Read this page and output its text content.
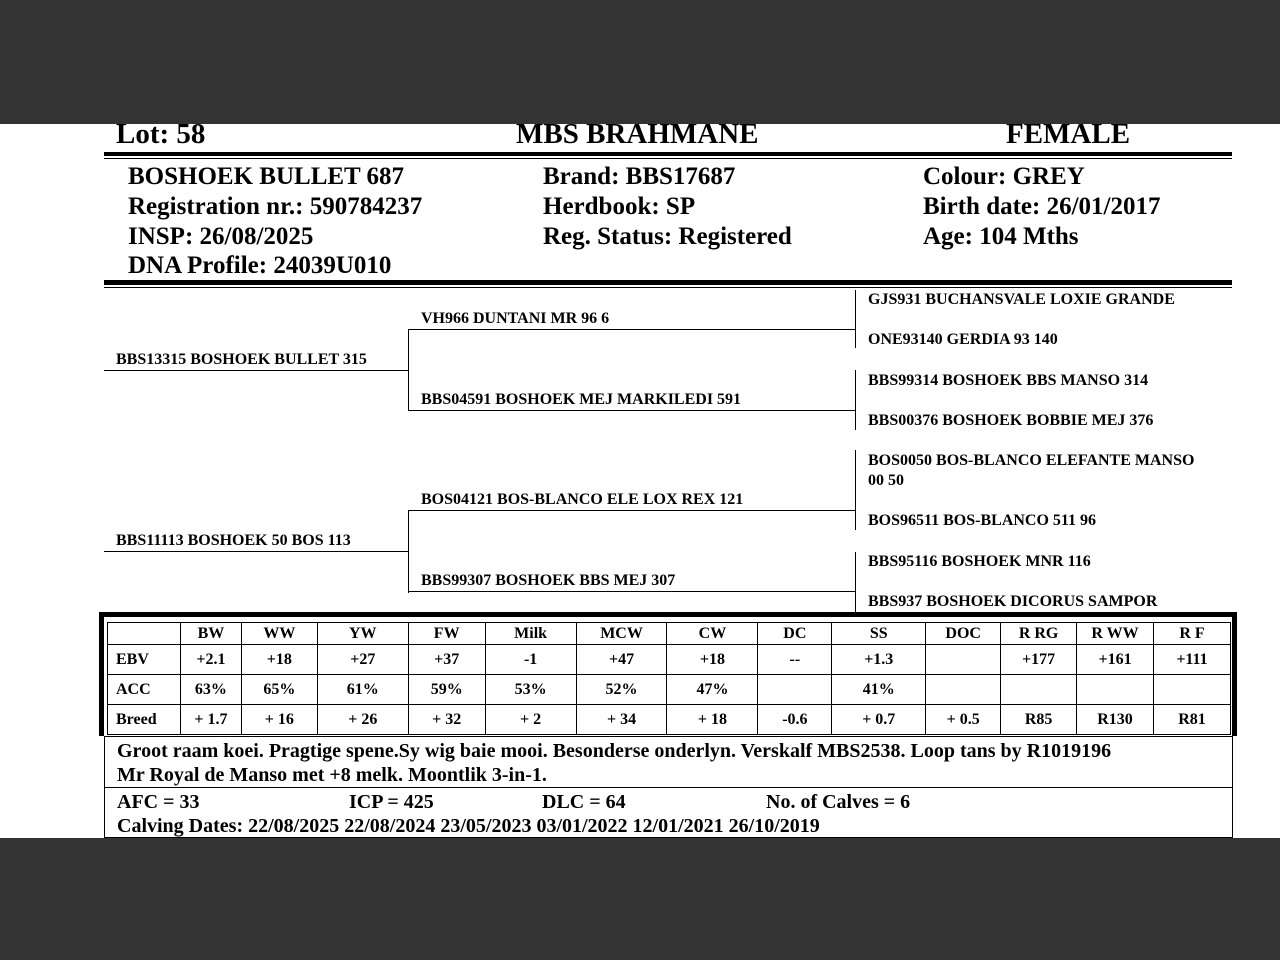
Lot: 58	MBS BRAHMANE	FEMALE
BOSHOEK BULLET 687
Registration nr.: 590784237
INSP: 26/08/2025
DNA Profile: 24039U010
Brand: BBS17687
Herdbook: SP
Reg. Status: Registered
Colour: GREY
Birth date: 26/01/2017
Age: 104 Mths
BBS13315 BOSHOEK BULLET 315
BBS11113 BOSHOEK 50 BOS 113
VH966 DUNTANI MR 96 6
BBS04591 BOSHOEK MEJ MARKILEDI 591
BOS04121 BOS-BLANCO ELE LOX REX 121
BBS99307 BOSHOEK BBS MEJ 307
GJS931 BUCHANSVALE LOXIE GRANDE
ONE93140 GERDIA 93 140
BBS99314 BOSHOEK BBS MANSO 314
BBS00376 BOSHOEK BOBBIE MEJ 376
BOS0050 BOS-BLANCO ELEFANTE MANSO
00 50
BOS96511 BOS-BLANCO 511 96
BBS95116 BOSHOEK MNR 116
BBS937 BOSHOEK DICORUS SAMPOR
	BW	WW	YW	FW	Milk	MCW	CW	DC	SS	DOC	R RG	R WW	R F
EBV	+2.1	+18	+27	+37	-1	+47	+18	--	+1.3		+177	+161	+111
ACC	63%	65%	61%	59%	53%	52%	47%		41%				
Breed	+ 1.7	+ 16	+ 26	+ 32	+ 2	+ 34	+ 18	-0.6	+ 0.7	+ 0.5	R85	R130	R81
Groot raam koei. Pragtige spene.Sy wig baie mooi. Besonderse onderlyn. Verskalf MBS2538. Loop tans by R1019196
Mr Royal de Manso met +8 melk. Moontlik 3-in-1.
AFC = 33	ICP = 425	DLC = 64	No. of Calves = 6
Calving Dates: 22/08/2025 22/08/2024 23/05/2023 03/01/2022 12/01/2021 26/10/2019
